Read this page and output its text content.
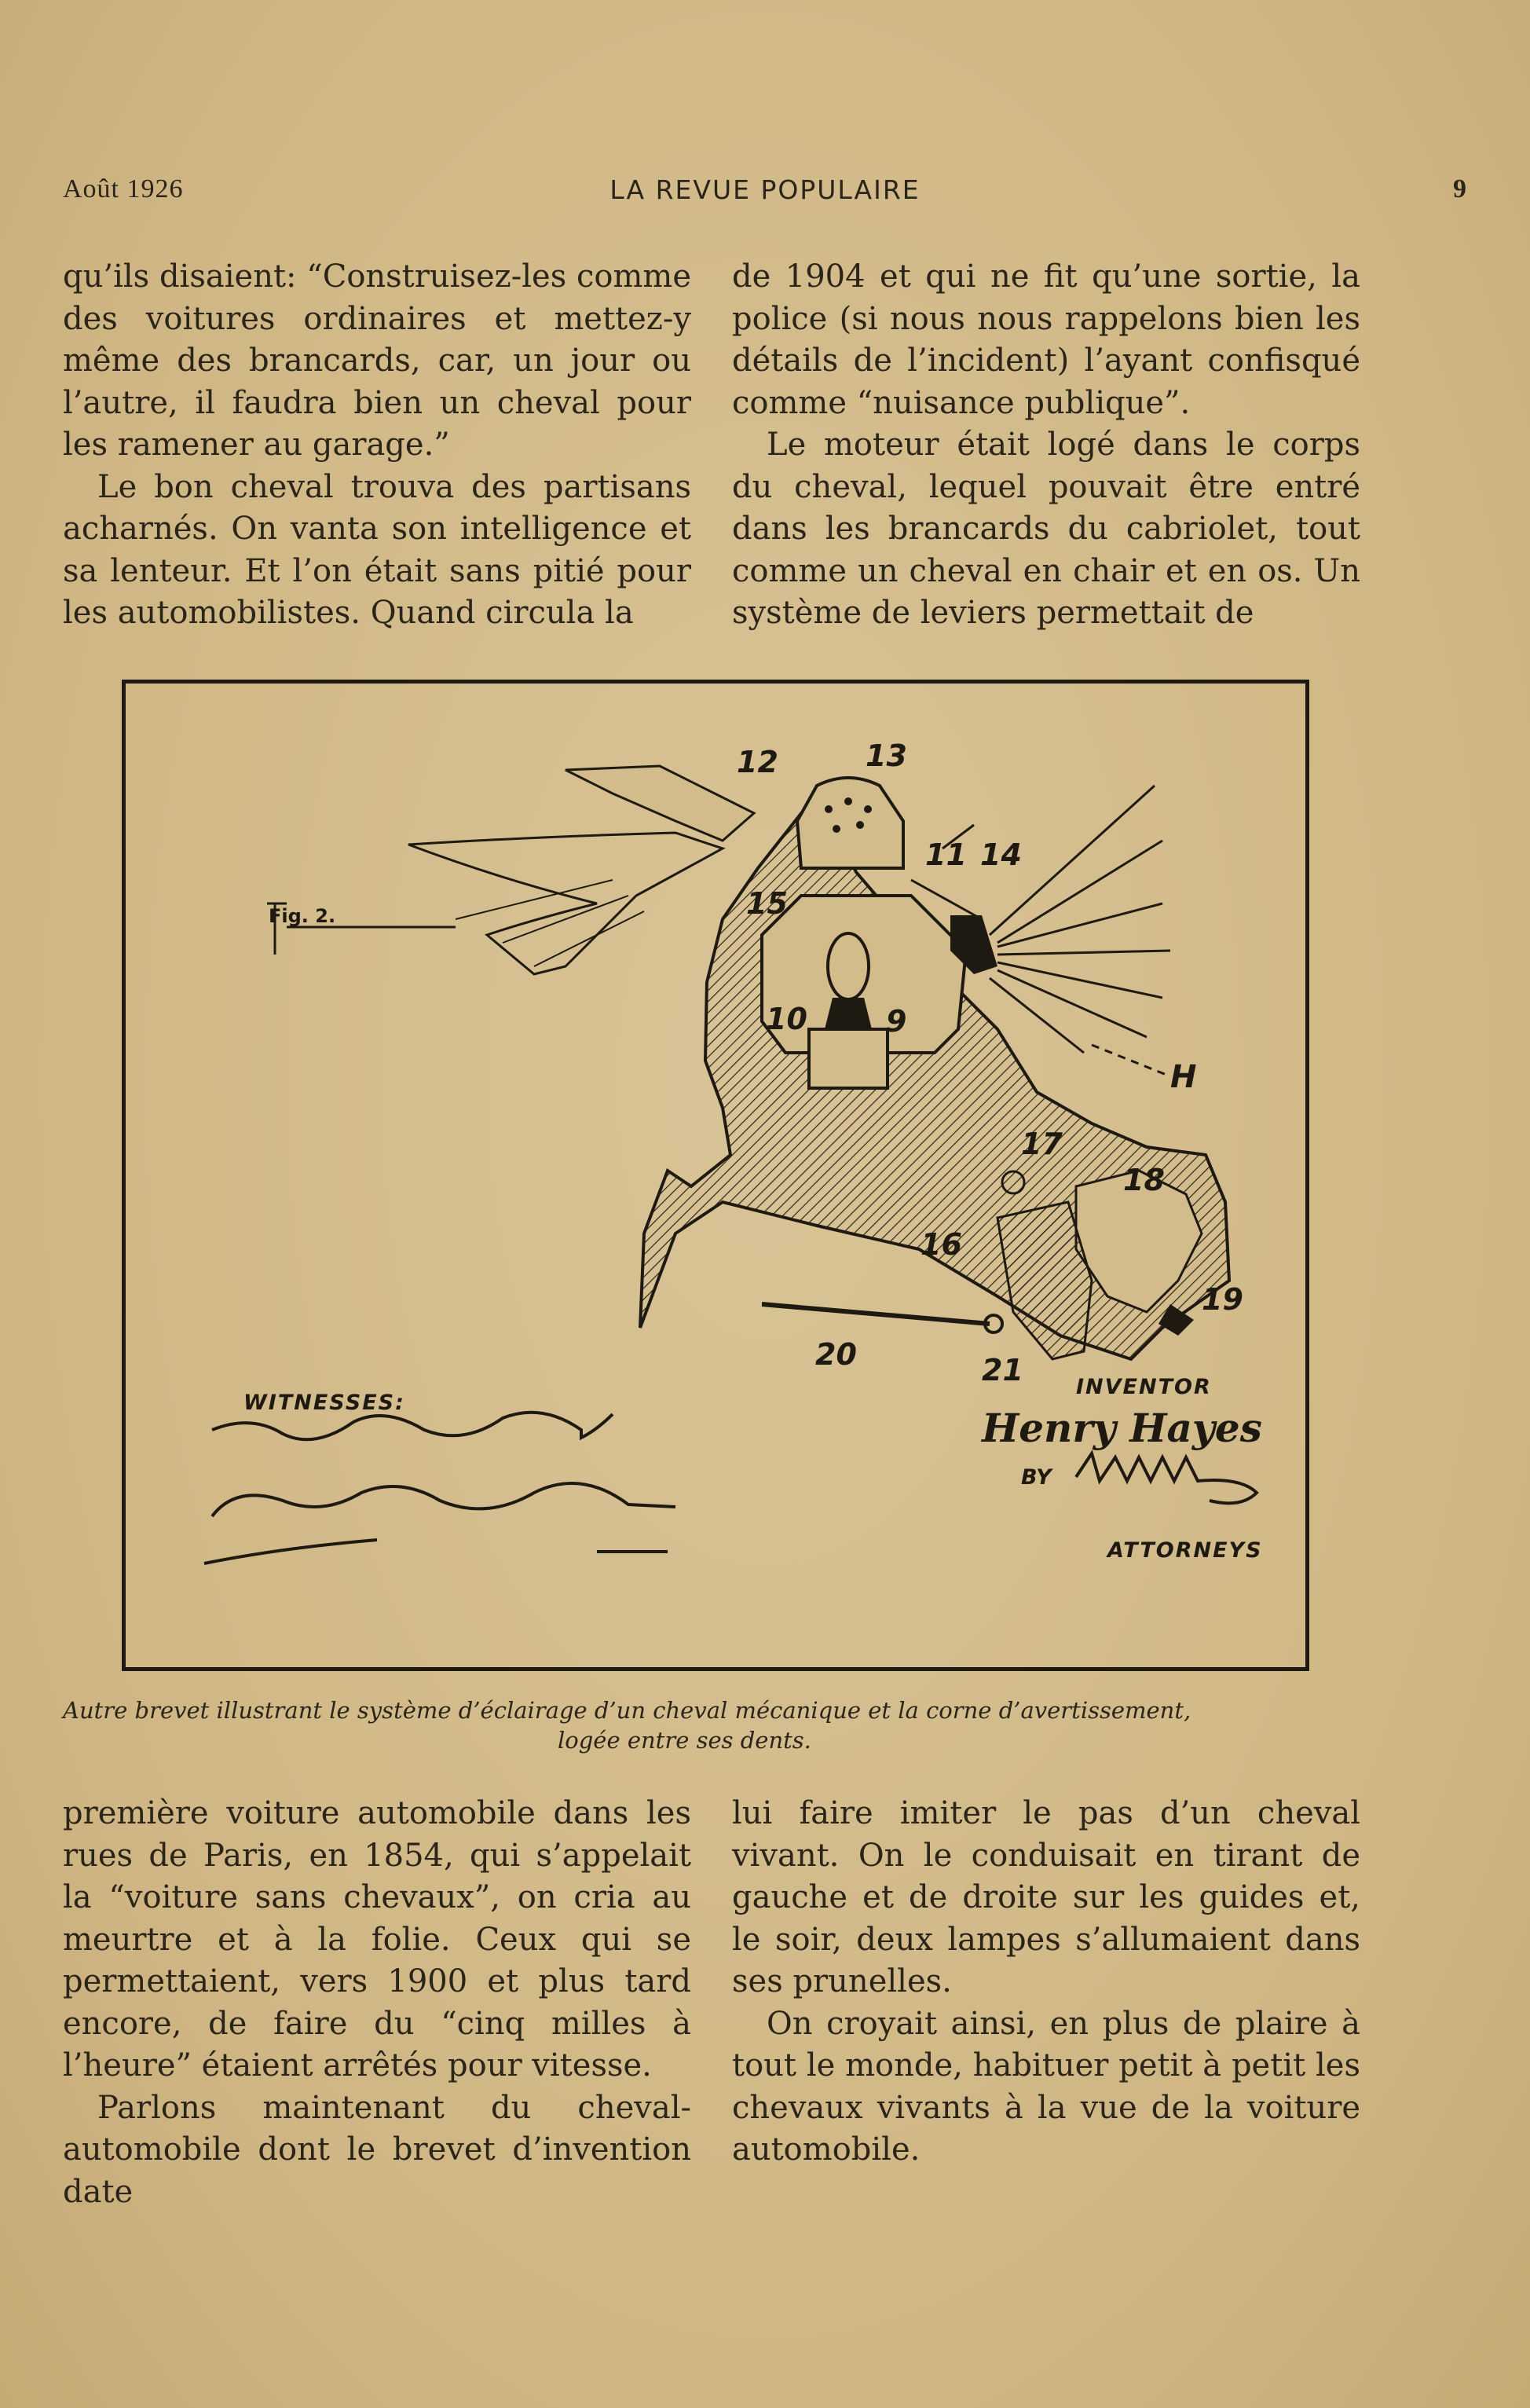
Août 1926	LA REVUE POPULAIRE	9

qu’ils disaient: “Construisez-les comme des voitures ordinaires et mettez-y même des brancards, car, un jour ou l’autre, il faudra bien un cheval pour les ramener au garage.”

Le bon cheval trouva des partisans acharnés. On vanta son intelligence et sa lenteur. Et l’on était sans pitié pour les automobilistes. Quand circula la

de 1904 et qui ne fit qu’une sortie, la police (si nous nous rappelons bien les détails de l’incident) l’ayant confisqué comme “nuisance publique”.

Le moteur était logé dans le corps du cheval, lequel pouvait être entré dans les brancards du cabriolet, tout comme un cheval en chair et en os. Un système de leviers permettait de

Fig. 2.
12	13
11 14
15
10	9
H
17
18
16
19
20	21
WITNESSES:
INVENTOR
Henry Hayes
BY
ATTORNEYS
Autre brevet illustrant le système d’éclairage d’un cheval mécanique et la corne d’avertissement,
logée entre ses dents.

première voiture automobile dans les rues de Paris, en 1854, qui s’appelait la “voiture sans chevaux”, on cria au meurtre et à la folie. Ceux qui se permettaient, vers 1900 et plus tard encore, de faire du “cinq milles à l’heure” étaient arrêtés pour vitesse.

Parlons maintenant du cheval-automobile dont le brevet d’invention date

lui faire imiter le pas d’un cheval vivant. On le conduisait en tirant de gauche et de droite sur les guides et, le soir, deux lampes s’allumaient dans ses prunelles.

On croyait ainsi, en plus de plaire à tout le monde, habituer petit à petit les chevaux vivants à la vue de la voiture automobile.
